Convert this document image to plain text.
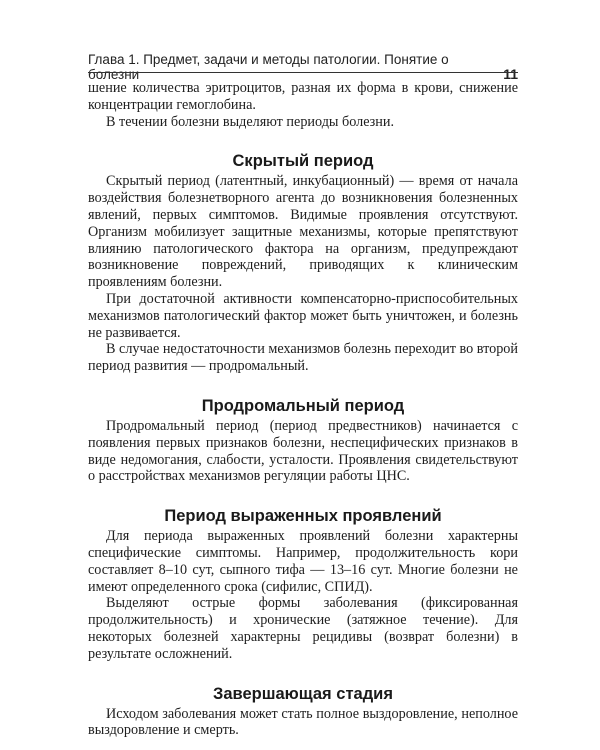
Глава 1. Предмет, задачи и методы патологии. Понятие о болезни	11

шение количества эритроцитов, разная их форма в крови, снижение концентрации гемоглобина.

В течении болезни выделяют периоды болезни.

Скрытый период

Скрытый период (латентный, инкубационный) — время от начала воздействия болезнетворного агента до возникновения болезненных явлений, первых симптомов. Видимые проявления отсутствуют. Организм мобилизует защитные механизмы, которые препятствуют влиянию патологического фактора на организм, предупреждают возникновение повреждений, приводящих к клиническим проявлениям болезни.

При достаточной активности компенсаторно-приспособительных механизмов патологический фактор может быть уничтожен, и болезнь не развивается.

В случае недостаточности механизмов болезнь переходит во второй период развития — продромальный.

Продромальный период

Продромальный период (период предвестников) начинается с появления первых признаков болезни, неспецифических признаков в виде недомогания, слабости, усталости. Проявления свидетельствуют о расстройствах механизмов регуляции работы ЦНС.

Период выраженных проявлений

Для периода выраженных проявлений болезни характерны специфические симптомы. Например, продолжительность кори составляет 8–10 сут, сыпного тифа — 13–16 сут. Многие болезни не имеют определенного срока (сифилис, СПИД).

Выделяют острые формы заболевания (фиксированная продолжительность) и хронические (затяжное течение). Для некоторых болезней характерны рецидивы (возврат болезни) в результате осложнений.

Завершающая стадия

Исходом заболевания может стать полное выздоровление, неполное выздоровление и смерть.
